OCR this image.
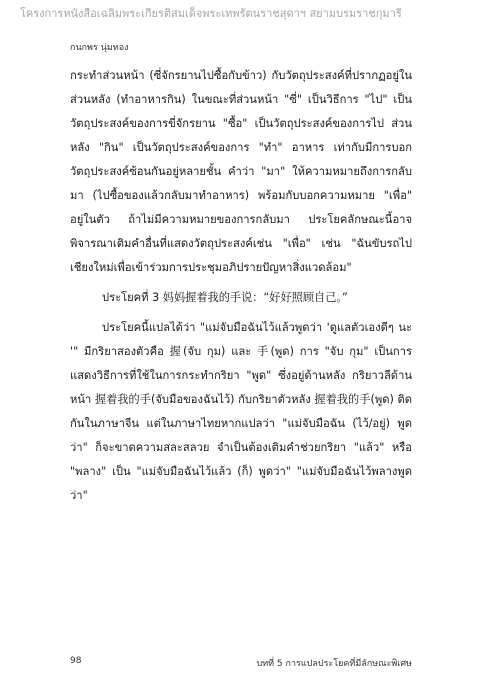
โครงการหนังสือเฉลิมพระเกียรติสมเด็จพระเทพรัตนราชสุดาฯ สยามบรมราชกุมารี
กนกพร นุ่มทอง

กระทำส่วนหน้า (ซี่จักรยานไปซื้อกับข้าว) กับวัตถุประสงค์ที่ปรากฏอยู่ในส่วนหลัง (ทำอาหารกิน) ในขณะที่ส่วนหน้า "ซี่" เป็นวิธีการ "ไป" เป็นวัตถุประสงค์ของการขี่จักรยาน "ซื้อ" เป็นวัตถุประสงค์ของการไป ส่วนหลัง "กิน" เป็นวัตถุประสงค์ของการ "ทำ" อาหาร เท่ากับมีการบอกวัตถุประสงค์ซ้อนกันอยู่หลายชั้น คำว่า "มา" ให้ความหมายถึงการกลับมา (ไปซื้อของแล้วกลับมาทำอาหาร) พร้อมกับบอกความหมาย "เพื่อ" อยู่ในตัว ถ้าไม่มีความหมายของการกลับมา ประโยคลักษณะนี้อาจพิจารณาเติมคำอื่นที่แสดงวัตถุประสงค์เช่น "เพื่อ" เช่น "ฉันขับรถไปเชียงใหม่เพื่อเข้าร่วมการประชุมอภิปรายปัญหาสิ่งแวดล้อม"

ประโยคที่ 3 妈妈握着我的手说：“好好照顾自己。”

ประโยคนี้แปลได้ว่า "แม่จับมือฉันไว้แล้วพูดว่า 'ดูแลตัวเองดีๆ นะ '" มีกริยาสองตัวคือ 握(จับ กุม) และ 手(พูด) การ "จับ กุม" เป็นการแสดงวิธีการที่ใช้ในการกระทำกริยา "พูด" ซึ่งอยู่ด้านหลัง กริยาวลีด้านหน้า 握着我的手(จับมือของฉันไว้) กับกริยาตัวหลัง 握着我的手(พูด) ติดกันในภาษาจีน แต่ในภาษาไทยหากแปลว่า "แม่จับมือฉัน (ไว้/อยู่) พูดว่า" ก็จะขาดความสละสลวย จำเป็นต้องเติมคำช่วยกริยา "แล้ว" หรือ "พลาง" เป็น "แม่จับมือฉันไว้แล้ว (ก็) พูดว่า" "แม่จับมือฉันไว้พลางพูดว่า"

98	บทที่ 5 การแปลประโยคที่มีลักษณะพิเศษ
